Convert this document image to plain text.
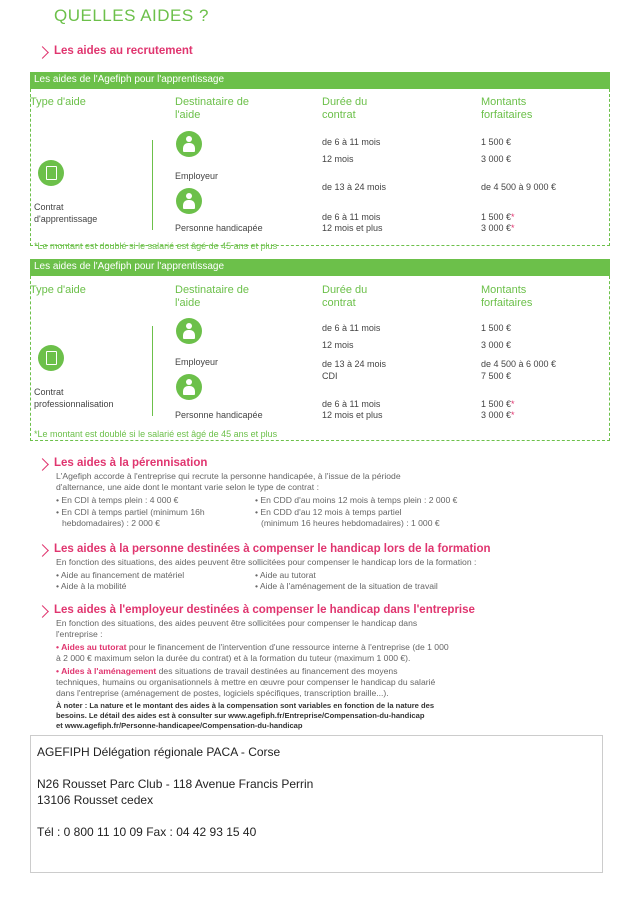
QUELLES AIDES ?
Les aides au recrutement
Les aides de l'Agefiph pour l'apprentissage
Type d'aide	Destinataire de l'aide
Durée du contrat
Montants forfaitaires
Contrat d'apprentissage
Employeur
Personne handicapée
de 6 à 11 mois
12 mois
de 13 à 24 mois
de 6 à 11 mois
12 mois et plus
1 500 €
3 000 €
de 4 500 à 9 000 €
1 500 €*
3 000 €*
*Le montant est doublé si le salarié est âgé de 45 ans et plus
Les aides de l'Agefiph pour l'apprentissage
Type d'aide	Destinataire de l'aide
Durée du contrat
Montants forfaitaires
Contrat professionnalisation
Employeur
Personne handicapée
de 6 à 11 mois
12 mois
de 13 à 24 mois
CDI
de 6 à 11 mois
12 mois et plus
1 500 €
3 000 €
de 4 500 à 6 000 €
7 500 €
1 500 €*
3 000 €*
*Le montant est doublé si le salarié est âgé de 45 ans et plus
Les aides à la pérennisation
L'Agefiph accorde à l'entreprise qui recrute la personne handicapée, à l'issue de la période
d'alternance, une aide dont le montant varie selon le type de contrat :
• En CDI à temps plein : 4 000 €
• En CDI à temps partiel (minimum 16h
hebdomadaires) : 2 000 €
• En CDD d'au moins 12 mois à temps plein : 2 000 €
• En CDD d'au 12 mois à temps partiel
(minimum 16 heures hebdomadaires) : 1 000 €
Les aides à la personne destinées à compenser le handicap lors de la formation
En fonction des situations, des aides peuvent être sollicitées pour compenser le handicap lors de la formation :
• Aide au financement de matériel
• Aide à la mobilité
• Aide au tutorat
• Aide à l'aménagement de la situation de travail
Les aides à l'employeur destinées à compenser le handicap dans l'entreprise
En fonction des situations, des aides peuvent être sollicitées pour compenser le handicap dans
l'entreprise :
• Aides au tutorat pour le financement de l'intervention d'une ressource interne à l'entreprise (de 1 000
à 2 000 € maximum selon la durée du contrat) et à la formation du tuteur (maximum 1 000 €).
• Aides à l'aménagement des situations de travail destinées au financement des moyens
techniques, humains ou organisationnels à mettre en œuvre pour compenser le handicap du salarié
dans l'entreprise (aménagement de postes, logiciels spécifiques, transcription braille...).
À noter : La nature et le montant des aides à la compensation sont variables en fonction de la nature des
besoins. Le détail des aides est à consulter sur www.agefiph.fr/Entreprise/Compensation-du-handicap
et www.agefiph.fr/Personne-handicapee/Compensation-du-handicap
AGEFIPH Délégation régionale PACA - Corse
N26 Rousset Parc Club - 118 Avenue Francis Perrin
13106 Rousset cedex
Tél : 0 800 11 10 09 Fax : 04 42 93 15 40
